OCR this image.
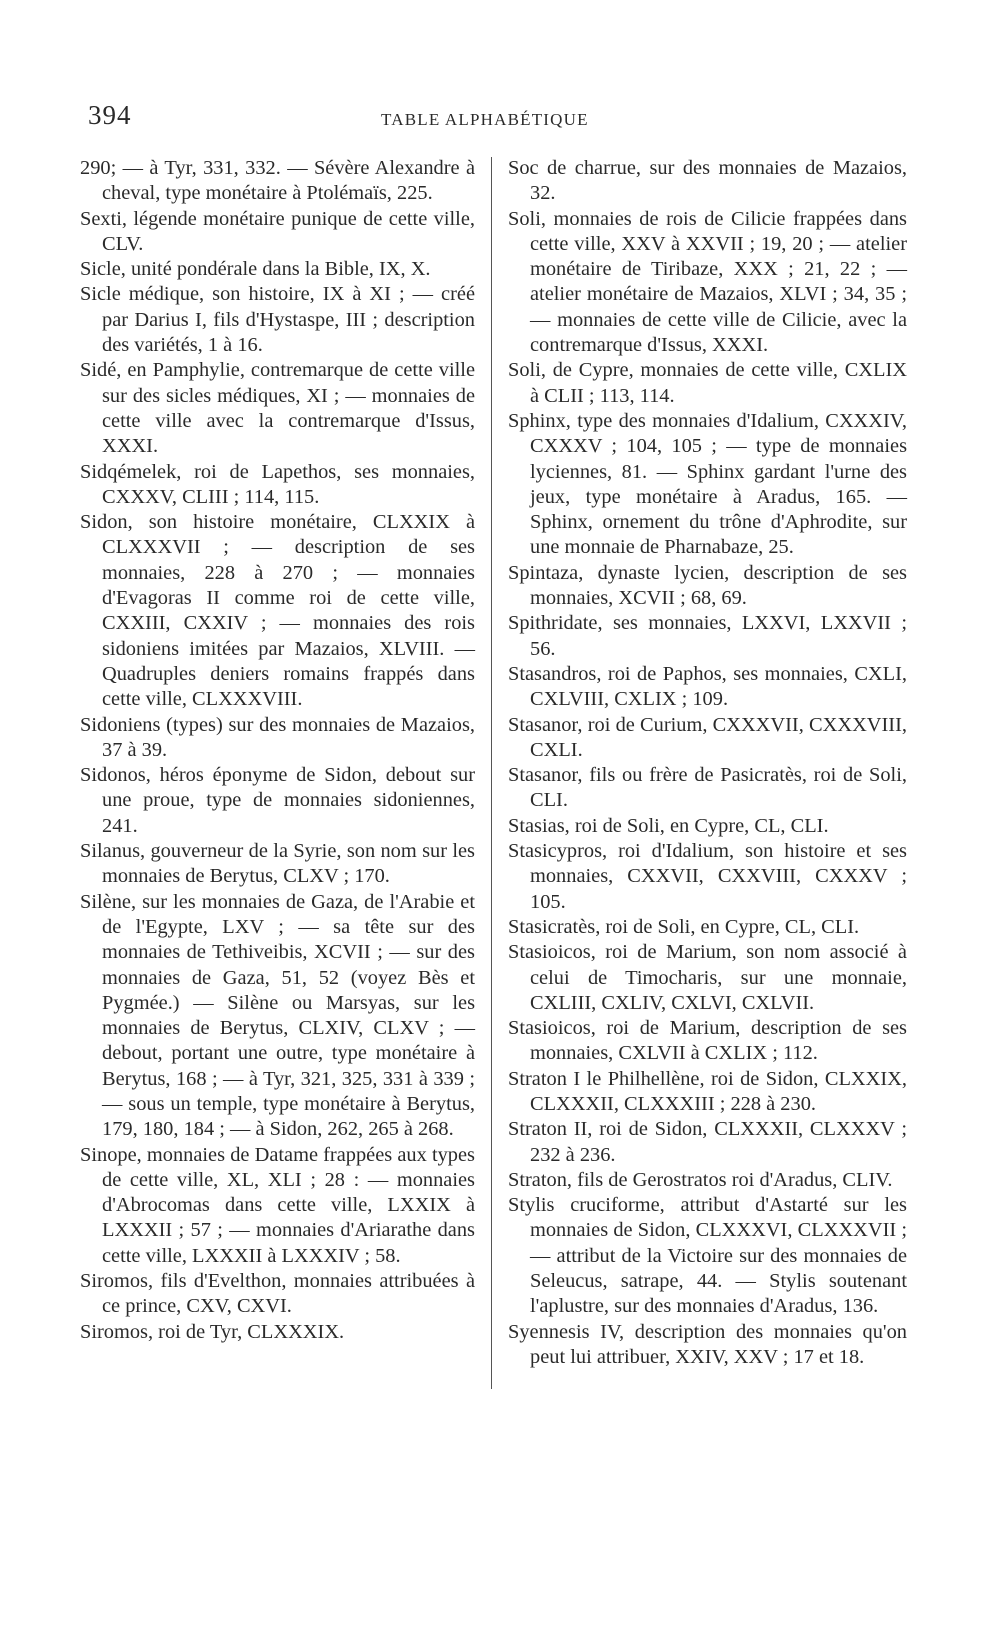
394	TABLE ALPHABÉTIQUE

290; — à Tyr, 331, 332. — Sévère Alexandre à cheval, type monétaire à Ptolémaïs, 225.

Sexti, légende monétaire punique de cette ville, CLV.

Sicle, unité pondérale dans la Bible, IX, X.

Sicle médique, son histoire, IX à XI ; — créé par Darius I, fils d'Hystaspe, III ; description des variétés, 1 à 16.

Sidé, en Pamphylie, contremarque de cette ville sur des sicles médiques, XI ; — monnaies de cette ville avec la contremarque d'Issus, XXXI.

Sidqémelek, roi de Lapethos, ses monnaies, CXXXV, CLIII ; 114, 115.

Sidon, son histoire monétaire, CLXXIX à CLXXXVII ; — description de ses monnaies, 228 à 270 ; — monnaies d'Evagoras II comme roi de cette ville, CXXIII, CXXIV ; — monnaies des rois sidoniens imitées par Mazaios, XLVIII. — Quadruples deniers romains frappés dans cette ville, CLXXXVIII.

Sidoniens (types) sur des monnaies de Mazaios, 37 à 39.

Sidonos, héros éponyme de Sidon, debout sur une proue, type de monnaies sidoniennes, 241.

Silanus, gouverneur de la Syrie, son nom sur les monnaies de Berytus, CLXV ; 170.

Silène, sur les monnaies de Gaza, de l'Arabie et de l'Egypte, LXV ; — sa tête sur des monnaies de Tethiveibis, XCVII ; — sur des monnaies de Gaza, 51, 52 (voyez Bès et Pygmée.) — Silène ou Marsyas, sur les monnaies de Berytus, CLXIV, CLXV ; — debout, portant une outre, type monétaire à Berytus, 168 ; — à Tyr, 321, 325, 331 à 339 ; — sous un temple, type monétaire à Berytus, 179, 180, 184 ; — à Sidon, 262, 265 à 268.

Sinope, monnaies de Datame frappées aux types de cette ville, XL, XLI ; 28 : — monnaies d'Abrocomas dans cette ville, LXXIX à LXXXII ; 57 ; — monnaies d'Ariarathe dans cette ville, LXXXII à LXXXIV ; 58.

Siromos, fils d'Evelthon, monnaies attribuées à ce prince, CXV, CXVI.

Siromos, roi de Tyr, CLXXXIX.

Soc de charrue, sur des monnaies de Mazaios, 32.

Soli, monnaies de rois de Cilicie frappées dans cette ville, XXV à XXVII ; 19, 20 ; — atelier monétaire de Tiribaze, XXX ; 21, 22 ; — atelier monétaire de Mazaios, XLVI ; 34, 35 ; — monnaies de cette ville de Cilicie, avec la contremarque d'Issus, XXXI.

Soli, de Cypre, monnaies de cette ville, CXLIX à CLII ; 113, 114.

Sphinx, type des monnaies d'Idalium, CXXXIV, CXXXV ; 104, 105 ; — type de monnaies lyciennes, 81. — Sphinx gardant l'urne des jeux, type monétaire à Aradus, 165. — Sphinx, ornement du trône d'Aphrodite, sur une monnaie de Pharnabaze, 25.

Spintaza, dynaste lycien, description de ses monnaies, XCVII ; 68, 69.

Spithridate, ses monnaies, LXXVI, LXXVII ; 56.

Stasandros, roi de Paphos, ses monnaies, CXLI, CXLVIII, CXLIX ; 109.

Stasanor, roi de Curium, CXXXVII, CXXXVIII, CXLI.

Stasanor, fils ou frère de Pasicratès, roi de Soli, CLI.

Stasias, roi de Soli, en Cypre, CL, CLI.

Stasicypros, roi d'Idalium, son histoire et ses monnaies, CXXVII, CXXVIII, CXXXV ; 105.

Stasicratès, roi de Soli, en Cypre, CL, CLI.

Stasioicos, roi de Marium, son nom associé à celui de Timocharis, sur une monnaie, CXLIII, CXLIV, CXLVI, CXLVII.

Stasioicos, roi de Marium, description de ses monnaies, CXLVII à CXLIX ; 112.

Straton I le Philhellène, roi de Sidon, CLXXIX, CLXXXII, CLXXXIII ; 228 à 230.

Straton II, roi de Sidon, CLXXXII, CLXXXV ; 232 à 236.

Straton, fils de Gerostratos roi d'Aradus, CLIV.

Stylis cruciforme, attribut d'Astarté sur les monnaies de Sidon, CLXXXVI, CLXXXVII ; — attribut de la Victoire sur des monnaies de Seleucus, satrape, 44. — Stylis soutenant l'aplustre, sur des monnaies d'Aradus, 136.

Syennesis IV, description des monnaies qu'on peut lui attribuer, XXIV, XXV ; 17 et 18.
